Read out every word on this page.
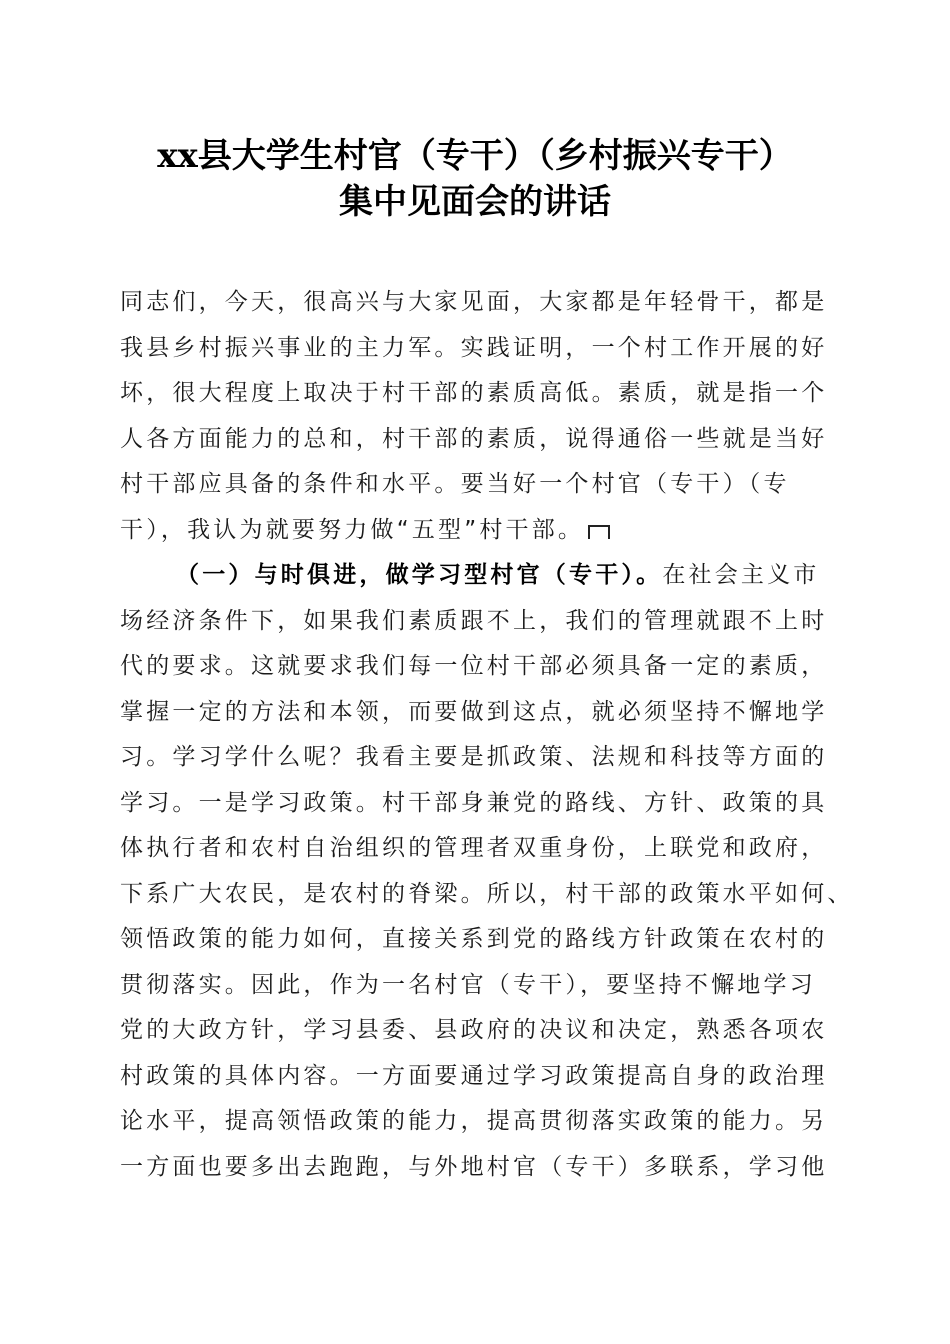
xx县大学生村官（专干）（乡村振兴专干）
集中见面会的讲话
同志们，今天，很高兴与大家见面，大家都是年轻骨干，都是
我县乡村振兴事业的主力军。实践证明，一个村工作开展的好
坏，很大程度上取决于村干部的素质高低。素质，就是指一个
人各方面能力的总和，村干部的素质，说得通俗一些就是当好
村干部应具备的条件和水平。要当好一个村官（专干）（专
干），我认为就要努力做“五型”村干部。
（一）与时俱进，做学习型村官（专干）。在社会主义市
场经济条件下，如果我们素质跟不上，我们的管理就跟不上时
代的要求。这就要求我们每一位村干部必须具备一定的素质，
掌握一定的方法和本领，而要做到这点，就必须坚持不懈地学
习。学习学什么呢？我看主要是抓政策、法规和科技等方面的
学习。一是学习政策。村干部身兼党的路线、方针、政策的具
体执行者和农村自治组织的管理者双重身份，上联党和政府，
下系广大农民，是农村的脊梁。所以，村干部的政策水平如何、
领悟政策的能力如何，直接关系到党的路线方针政策在农村的
贯彻落实。因此，作为一名村官（专干），要坚持不懈地学习
党的大政方针，学习县委、县政府的决议和决定，熟悉各项农
村政策的具体内容。一方面要通过学习政策提高自身的政治理
论水平，提高领悟政策的能力，提高贯彻落实政策的能力。另
一方面也要多出去跑跑，与外地村官（专干）多联系，学习他
